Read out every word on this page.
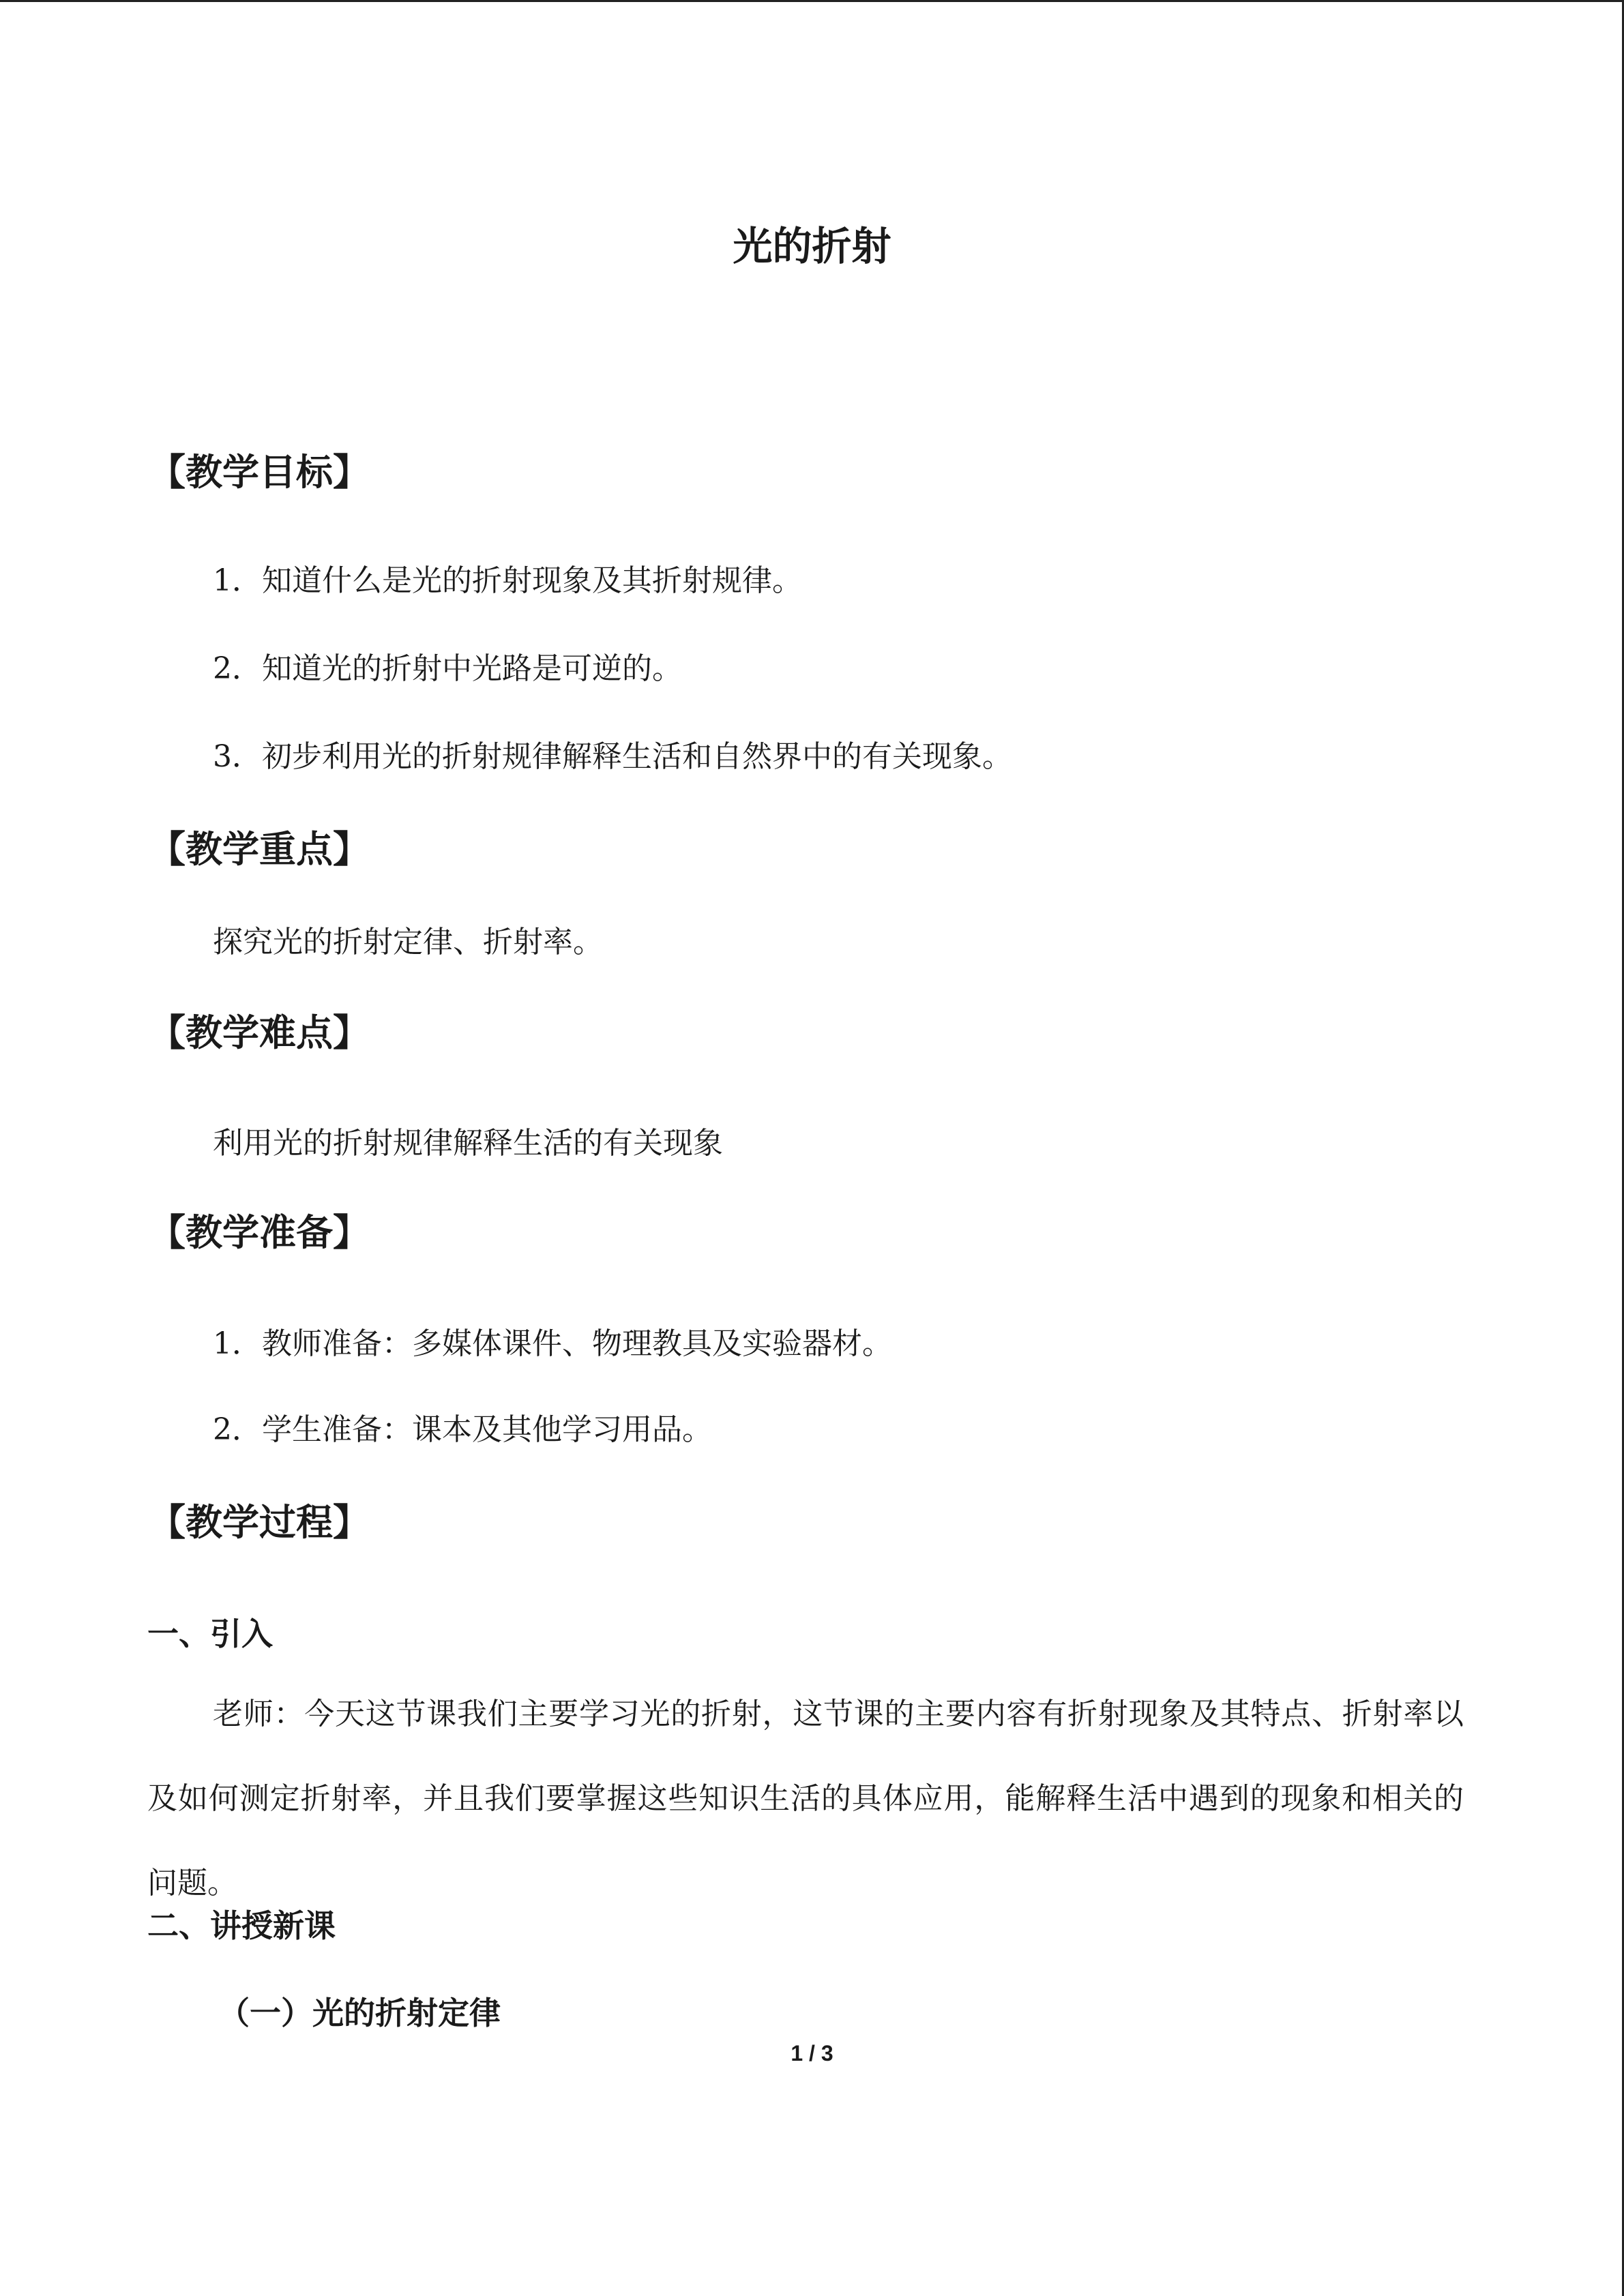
光的折射
【教学目标】
1．知道什么是光的折射现象及其折射规律。
2．知道光的折射中光路是可逆的。
3．初步利用光的折射规律解释生活和自然界中的有关现象。
【教学重点】
探究光的折射定律、折射率。
【教学难点】
利用光的折射规律解释生活的有关现象
【教学准备】
1．教师准备：多媒体课件、物理教具及实验器材。
2．学生准备：课本及其他学习用品。
【教学过程】
一、引入
老师：今天这节课我们主要学习光的折射，这节课的主要内容有折射现象及其特点、折射率以及如何测定折射率，并且我们要掌握这些知识生活的具体应用，能解释生活中遇到的现象和相关的问题。
二、讲授新课
（一）光的折射定律
1 / 3
